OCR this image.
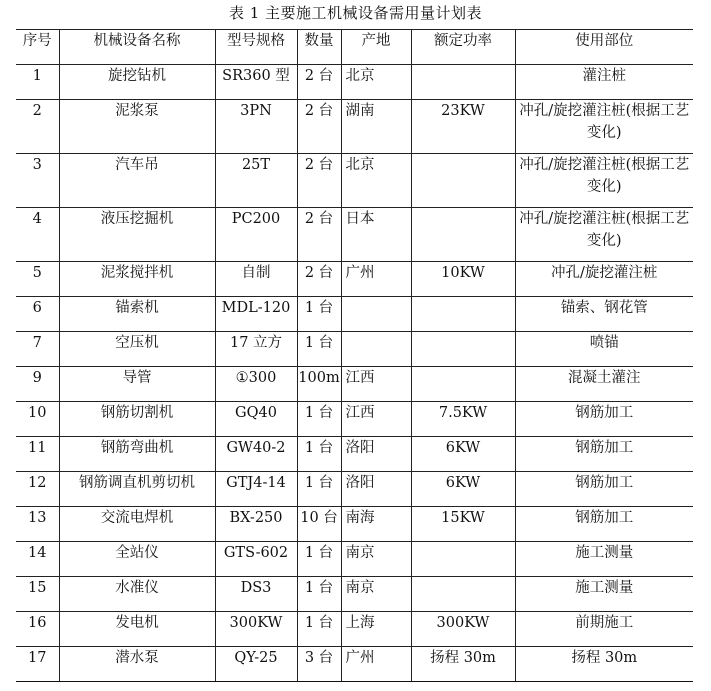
表 1 主要施工机械设备需用量计划表
序号	机械设备名称	型号规格	数量	产地	额定功率	使用部位
1	旋挖钻机	SR360 型	2 台	北京		灌注桩
2	泥浆泵	3PN	2 台	湖南	23KW	冲孔/旋挖灌注桩(根据工艺变化)
3	汽车吊	25T	2 台	北京		冲孔/旋挖灌注桩(根据工艺变化)
4	液压挖掘机	PC200	2 台	日本		冲孔/旋挖灌注桩(根据工艺变化)
5	泥浆搅拌机	自制	2 台	广州	10KW	冲孔/旋挖灌注桩
6	锚索机	MDL-120	1 台			锚索、钢花管
7	空压机	17 立方	1 台			喷锚
9	导管	①300	100m	江西		混凝土灌注
10	钢筋切割机	GQ40	1 台	江西	7.5KW	钢筋加工
11	钢筋弯曲机	GW40-2	1 台	洛阳	6KW	钢筋加工
12	钢筋调直机剪切机	GTJ4-14	1 台	洛阳	6KW	钢筋加工
13	交流电焊机	BX-250	10 台	南海	15KW	钢筋加工
14	全站仪	GTS-602	1 台	南京		施工测量
15	水准仪	DS3	1 台	南京		施工测量
16	发电机	300KW	1 台	上海	300KW	前期施工
17	潜水泵	QY-25	3 台	广州	扬程 30m	扬程 30m
